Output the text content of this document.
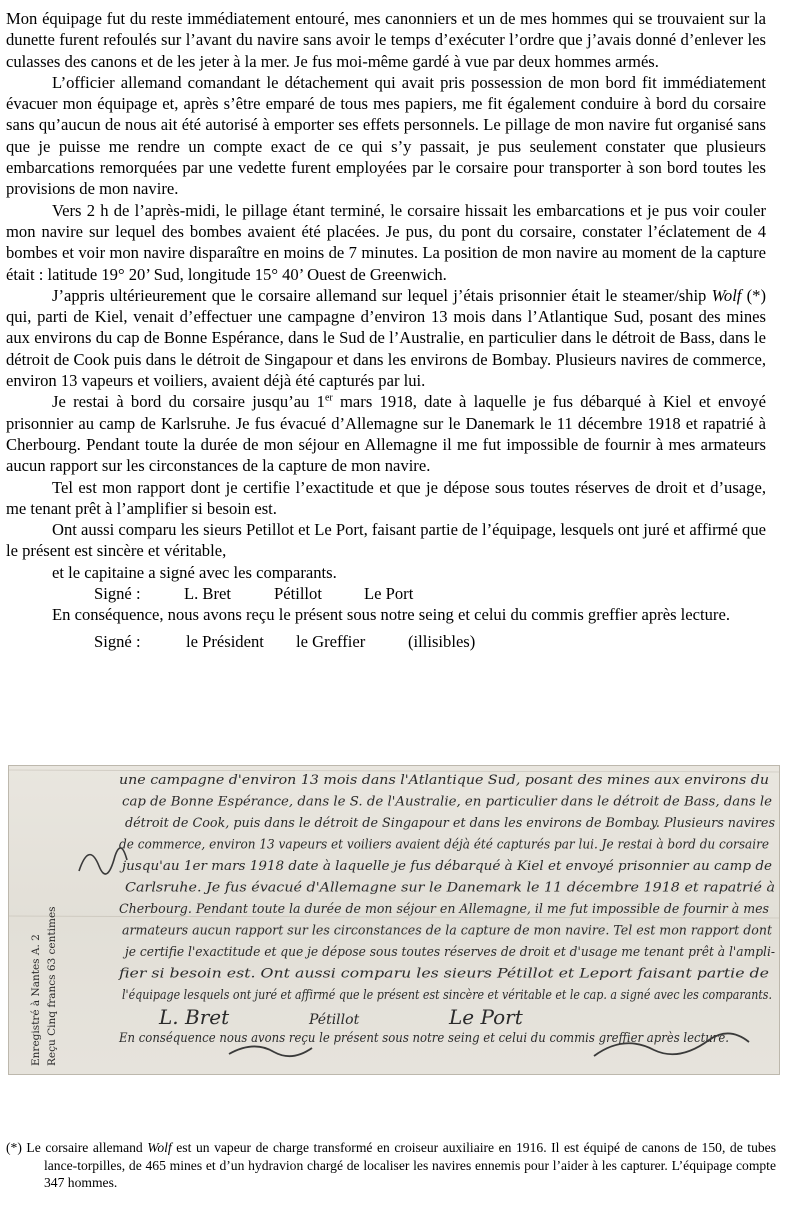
Mon équipage fut du reste immédiatement entouré, mes canonniers et un de mes hommes qui se trouvaient sur la dunette furent refoulés sur l’avant du navire sans avoir le temps d’exécuter l’ordre que j’avais donné d’enlever les culasses des canons et de les jeter à la mer. Je fus moi-même gardé à vue par deux hommes armés.

L’officier allemand comandant le détachement qui avait pris possession de mon bord fit immédiatement évacuer mon équipage et, après s’être emparé de tous mes papiers, me fit également conduire à bord du corsaire sans qu’aucun de nous ait été autorisé à emporter ses effets personnels. Le pillage de mon navire fut organisé sans que je puisse me rendre un compte exact de ce qui s’y passait, je pus seulement constater que plusieurs embarcations remorquées par une vedette furent employées par le corsaire pour transporter à son bord toutes les provisions de mon navire.

Vers 2 h de l’après-midi, le pillage étant terminé, le corsaire hissait les embarcations et je pus voir couler mon navire sur lequel des bombes avaient été placées. Je pus, du pont du corsaire, constater l’éclatement de 4 bombes et voir mon navire disparaître en moins de 7 minutes. La position de mon navire au moment de la capture était : latitude 19° 20’ Sud, longitude 15° 40’ Ouest de Greenwich.

J’appris ultérieurement que le corsaire allemand sur lequel j’étais prisonnier était le steamer/ship Wolf (*) qui, parti de Kiel, venait d’effectuer une campagne d’environ 13 mois dans l’Atlantique Sud, posant des mines aux environs du cap de Bonne Espérance, dans le Sud de l’Australie, en particulier dans le détroit de Bass, dans le détroit de Cook puis dans le détroit de Singapour et dans les environs de Bombay. Plusieurs navires de commerce, environ 13 vapeurs et voiliers, avaient déjà été capturés par lui.

Je restai à bord du corsaire jusqu’au 1er mars 1918, date à laquelle je fus débarqué à Kiel et envoyé prisonnier au camp de Karlsruhe. Je fus évacué d’Allemagne sur le Danemark le 11 décembre 1918 et rapatrié à Cherbourg. Pendant toute la durée de mon séjour en Allemagne il me fut impossible de fournir à mes armateurs aucun rapport sur les circonstances de la capture de mon navire.

Tel est mon rapport dont je certifie l’exactitude et que je dépose sous toutes réserves de droit et d’usage, me tenant prêt à l’amplifier si besoin est.

Ont aussi comparu les sieurs Petillot et Le Port, faisant partie de l’équipage, lesquels ont juré et affirmé que le présent est sincère et véritable,

et le capitaine a signé avec les comparants.

Signé :	L. Bret	Pétillot	Le Port

En conséquence, nous avons reçu le présent sous notre seing et celui du commis greffier après lecture.

Signé :	le Président	le Greffier	(illisibles)
une campagne d'environ 13 mois dans l'Atlantique Sud, posant des mines aux environs du
cap de Bonne Espérance, dans le S. de l'Australie, en particulier dans le détroit de Bass, dans le
détroit de Cook, puis dans le détroit de Singapour et dans les environs de Bombay. Plusieurs navires
de commerce, environ 13 vapeurs et voiliers avaient déjà été capturés par lui. Je restai à bord du corsaire
jusqu'au 1er mars 1918 date à laquelle je fus débarqué à Kiel et envoyé prisonnier au camp de
Carlsruhe. Je fus évacué d'Allemagne sur le Danemark le 11 décembre 1918 et rapatrié à
Cherbourg. Pendant toute la durée de mon séjour en Allemagne, il me fut impossible de fournir à mes
armateurs aucun rapport sur les circonstances de la capture de mon navire. Tel est mon rapport dont
je certifie l'exactitude et que je dépose sous toutes réserves de droit et d'usage me tenant prêt à l'ampli-
fier si besoin est. Ont aussi comparu les sieurs Pétillot et Leport faisant partie de
l'équipage lesquels ont juré et affirmé que le présent est sincère et véritable et le cap. a signé avec les comparants.
En conséquence nous avons reçu le présent sous notre seing et celui du commis greffier après lecture.
L. Bret	Pétillot	Le Port
Enregistré à Nantes A. 2 Reçu Cinq francs 63 centimes

(*) Le corsaire allemand Wolf est un vapeur de charge transformé en croiseur auxiliaire en 1916. Il est équipé de canons de 150, de tubes lance-torpilles, de 465 mines et d’un hydravion chargé de localiser les navires ennemis pour l’aider à les capturer. L’équipage compte 347 hommes.
